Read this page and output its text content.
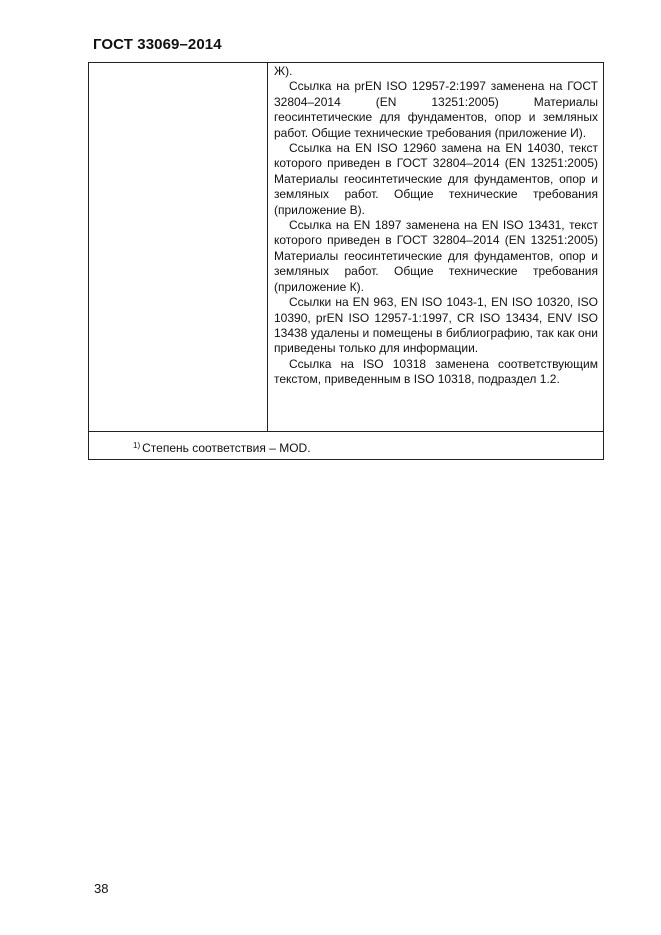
ГОСТ 33069–2014

Ж).

Ссылка на prEN ISO 12957-2:1997 заменена на ГОСТ 32804–2014 (EN 13251:2005) Материалы геосинтетические для фундаментов, опор и земляных работ. Общие технические требования (приложение И).

Ссылка на EN ISO 12960 замена на EN 14030, текст которого приведен в ГОСТ 32804–2014 (EN 13251:2005) Материалы геосинтетические для фундаментов, опор и земляных работ. Общие технические требования (приложение В).

Ссылка на EN 1897 заменена на EN ISO 13431, текст которого приведен в ГОСТ 32804–2014 (EN 13251:2005) Материалы геосинтетические для фундаментов, опор и земляных работ. Общие технические требования (приложение К).

Ссылки на EN 963, EN ISO 1043-1, EN ISO 10320, ISO 10390, prEN ISO 12957-1:1997, CR ISO 13434, ENV ISO 13438 удалены и помещены в библиографию, так как они приведены только для информации.

Ссылка на ISO 10318 заменена соответствующим текстом, приведенным в ISO 10318, подраздел 1.2.

$^{1)}$ Степень соответствия – MOD.
38
